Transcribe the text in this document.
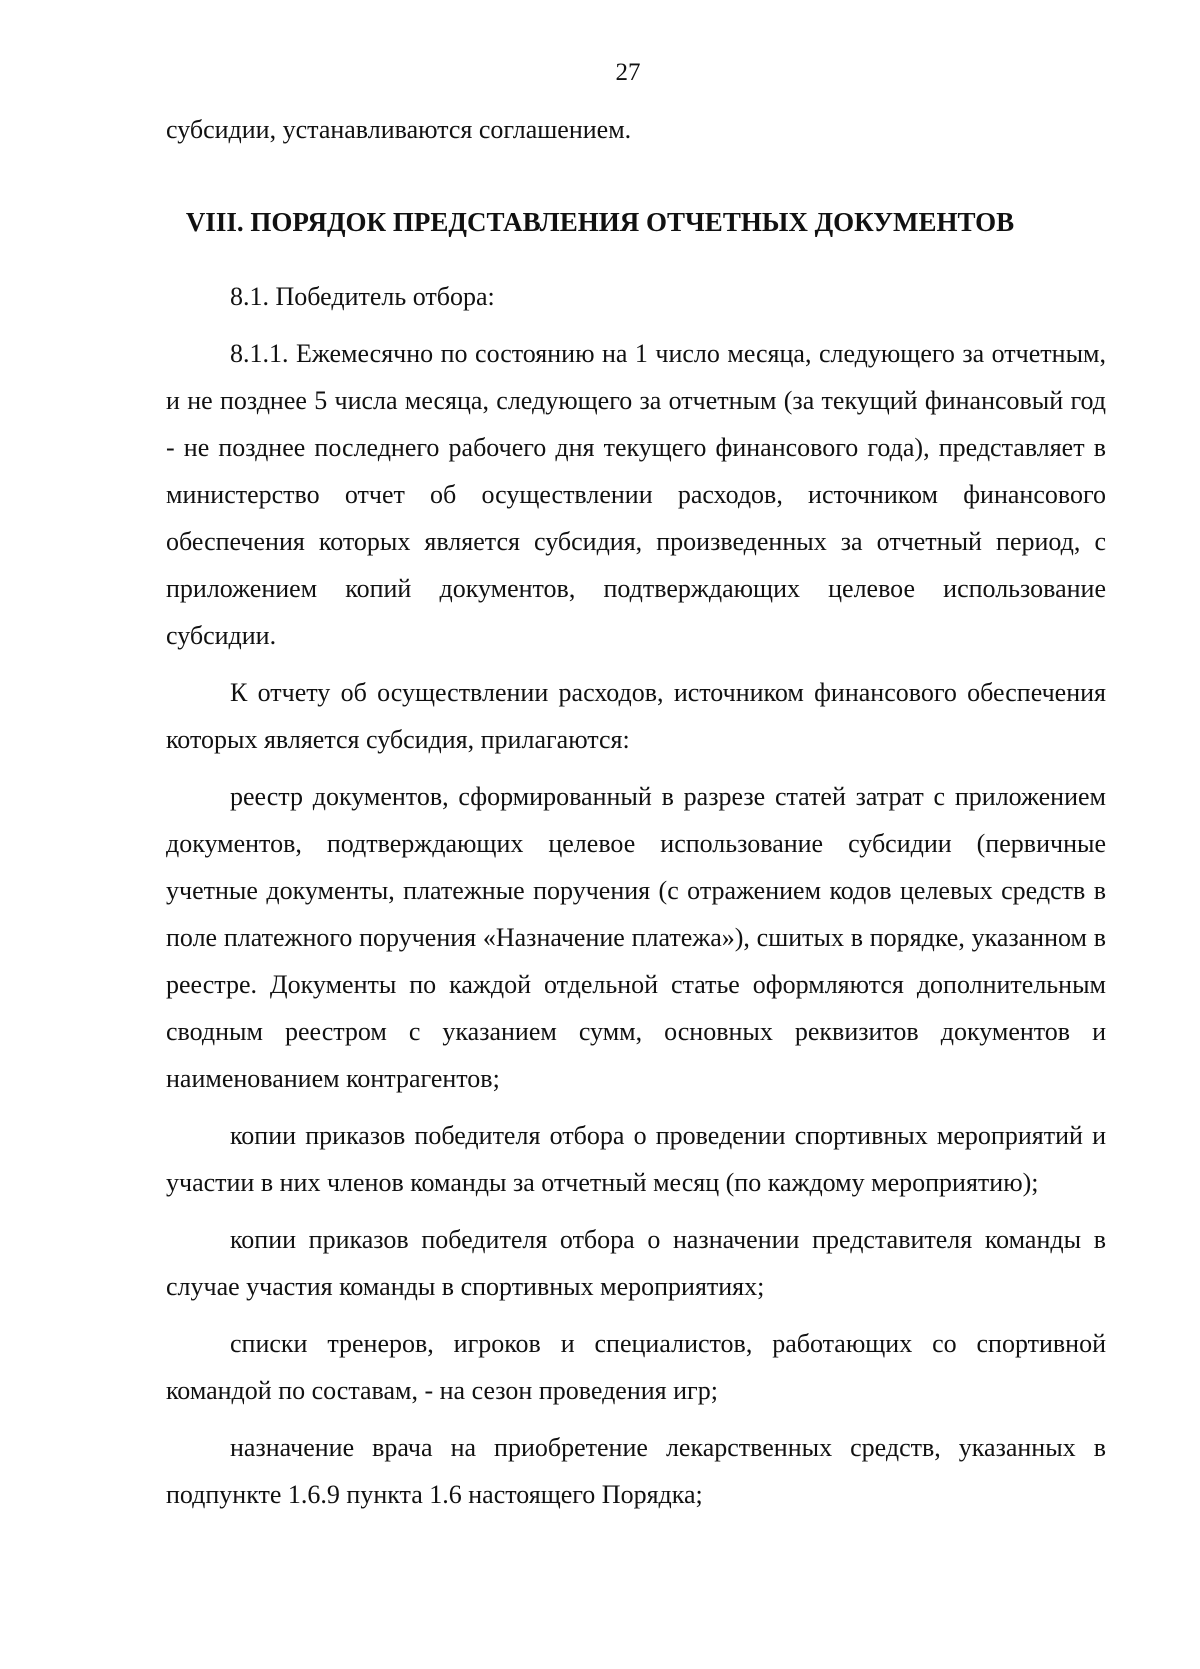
27

субсидии, устанавливаются соглашением.

VIII. ПОРЯДОК ПРЕДСТАВЛЕНИЯ ОТЧЕТНЫХ ДОКУМЕНТОВ

8.1. Победитель отбора:

8.1.1. Ежемесячно по состоянию на 1 число месяца, следующего за отчетным, и не позднее 5 числа месяца, следующего за отчетным (за текущий финансовый год - не позднее последнего рабочего дня текущего финансового года), представляет в министерство отчет об осуществлении расходов, источником финансового обеспечения которых является субсидия, произведенных за отчетный период, с приложением копий документов, подтверждающих целевое использование субсидии.

К отчету об осуществлении расходов, источником финансового обеспечения которых является субсидия, прилагаются:

реестр документов, сформированный в разрезе статей затрат с приложением документов, подтверждающих целевое использование субсидии (первичные учетные документы, платежные поручения (с отражением кодов целевых средств в поле платежного поручения «Назначение платежа»), сшитых в порядке, указанном в реестре. Документы по каждой отдельной статье оформляются дополнительным сводным реестром с указанием сумм, основных реквизитов документов и наименованием контрагентов;

копии приказов победителя отбора о проведении спортивных мероприятий и участии в них членов команды за отчетный месяц (по каждому мероприятию);

копии приказов победителя отбора о назначении представителя команды в случае участия команды в спортивных мероприятиях;

списки тренеров, игроков и специалистов, работающих со спортивной командой по составам, - на сезон проведения игр;

назначение врача на приобретение лекарственных средств, указанных в подпункте 1.6.9 пункта 1.6 настоящего Порядка;
